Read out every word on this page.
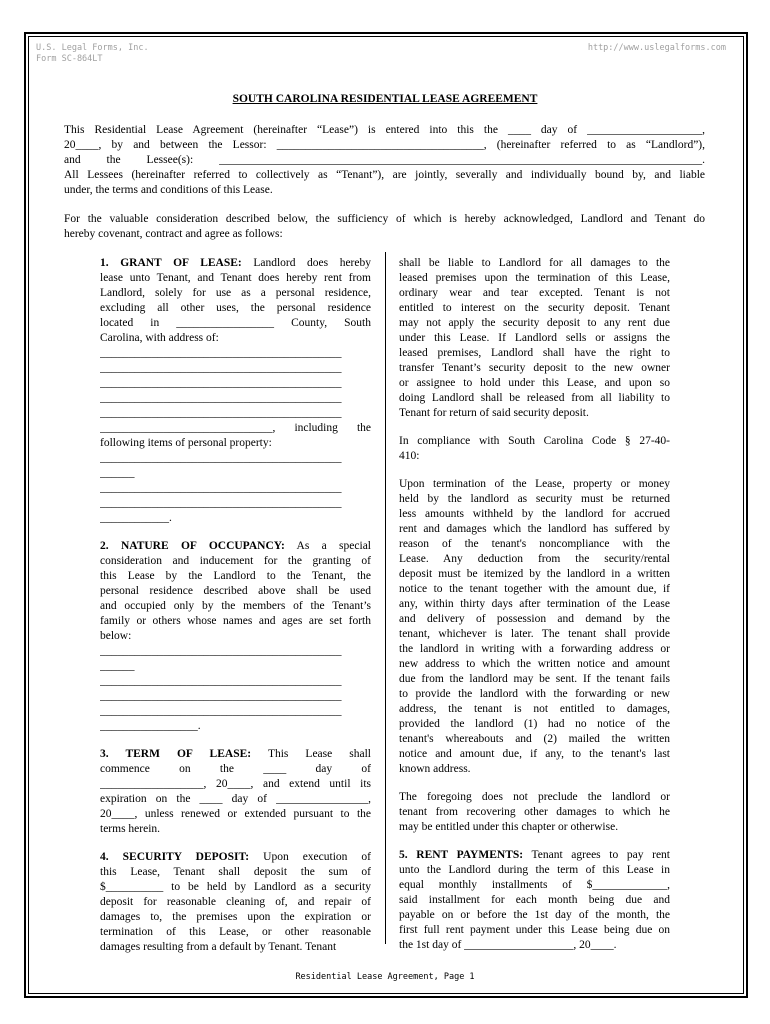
U.S. Legal Forms, Inc.
Form SC-864LT
http://www.uslegalforms.com
SOUTH CAROLINA RESIDENTIAL LEASE AGREEMENT
This Residential Lease Agreement (hereinafter “Lease”) is entered into this the ____ day of ____________________,
20____, by and between the Lessor: ____________________________________, (hereinafter referred to as “Landlord”),
and the Lessee(s): ____________________________________________________________________________________.
All Lessees (hereinafter referred to collectively as “Tenant”), are jointly, severally and individually bound by, and liable
under, the terms and conditions of this Lease.
For the valuable consideration described below, the sufficiency of which is hereby acknowledged, Landlord and Tenant do
hereby covenant, contract and agree as follows:
1. GRANT OF LEASE: Landlord does hereby
lease unto Tenant, and Tenant does hereby rent from
Landlord, solely for use as a personal residence,
excluding all other uses, the personal residence
located in _________________ County, South
Carolina, with address of:
__________________________________________
__________________________________________
__________________________________________
__________________________________________
__________________________________________
______________________________, including the
following items of personal property:
__________________________________________
______
__________________________________________
__________________________________________
____________.
2. NATURE OF OCCUPANCY: As a special
consideration and inducement for the granting of
this Lease by the Landlord to the Tenant, the
personal residence described above shall be used
and occupied only by the members of the Tenant’s
family or others whose names and ages are set forth
below:
__________________________________________
______
__________________________________________
__________________________________________
__________________________________________
_________________.
3. TERM OF LEASE: This Lease shall
commence on the ____ day of
__________________, 20____, and extend until its
expiration on the ____ day of ________________,
20____, unless renewed or extended pursuant to the
terms herein.
4. SECURITY DEPOSIT: Upon execution of
this Lease, Tenant shall deposit the sum of
$__________ to be held by Landlord as a security
deposit for reasonable cleaning of, and repair of
damages to, the premises upon the expiration or
termination of this Lease, or other reasonable
damages resulting from a default by Tenant. Tenant
shall be liable to Landlord for all damages to the
leased premises upon the termination of this Lease,
ordinary wear and tear excepted. Tenant is not
entitled to interest on the security deposit. Tenant
may not apply the security deposit to any rent due
under this Lease. If Landlord sells or assigns the
leased premises, Landlord shall have the right to
transfer Tenant’s security deposit to the new owner
or assignee to hold under this Lease, and upon so
doing Landlord shall be released from all liability to
Tenant for return of said security deposit.
In compliance with South Carolina Code § 27-40-
410:
Upon termination of the Lease, property or money
held by the landlord as security must be returned
less amounts withheld by the landlord for accrued
rent and damages which the landlord has suffered by
reason of the tenant's noncompliance with the
Lease. Any deduction from the security/rental
deposit must be itemized by the landlord in a written
notice to the tenant together with the amount due, if
any, within thirty days after termination of the Lease
and delivery of possession and demand by the
tenant, whichever is later. The tenant shall provide
the landlord in writing with a forwarding address or
new address to which the written notice and amount
due from the landlord may be sent. If the tenant fails
to provide the landlord with the forwarding or new
address, the tenant is not entitled to damages,
provided the landlord (1) had no notice of the
tenant's whereabouts and (2) mailed the written
notice and amount due, if any, to the tenant's last
known address.
The foregoing does not preclude the landlord or
tenant from recovering other damages to which he
may be entitled under this chapter or otherwise.
5. RENT PAYMENTS: Tenant agrees to pay rent
unto the Landlord during the term of this Lease in
equal monthly installments of $_____________,
said installment for each month being due and
payable on or before the 1st day of the month, the
first full rent payment under this Lease being due on
the 1st day of ___________________, 20____.
Residential Lease Agreement, Page 1
